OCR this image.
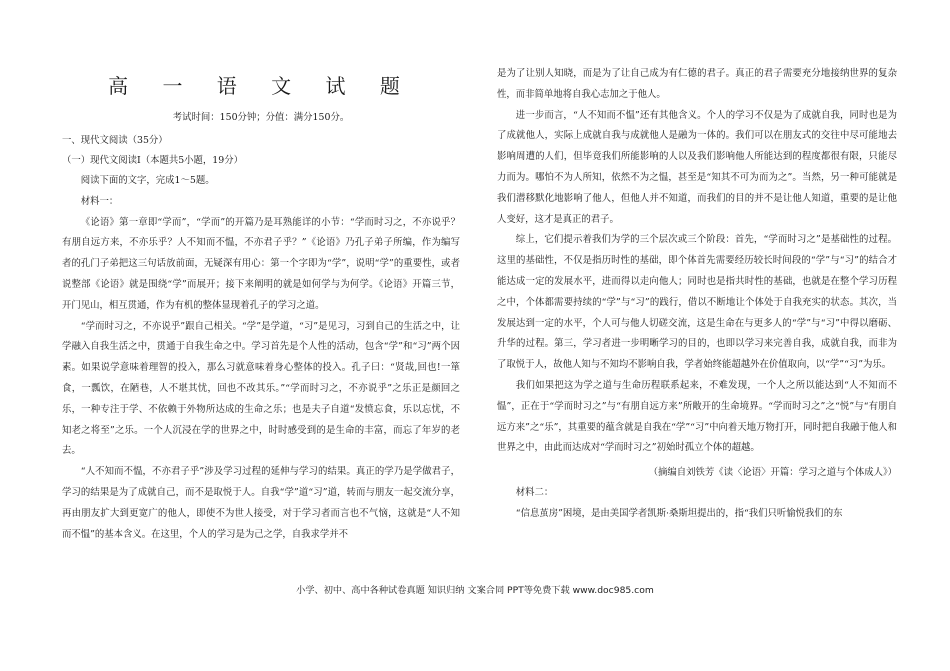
高 一 语 文 试 题
考试时间：150分钟；分值：满分150分。
一、现代文阅读（35分）
（一）现代文阅读Ⅰ（本题共5小题，19分）

阅读下面的文字，完成1～5题。

材料一：

《论语》第一章即“学而”，“学而”的开篇乃是耳熟能详的小节：“学而时习之，不亦说乎？有朋自远方来，不亦乐乎？人不知而不愠，不亦君子乎？”《论语》乃孔子弟子所编，作为编写者的孔门子弟把这三句话放前面，无疑深有用心：第一个字即为“学”，说明“学”的重要性，或者说整部《论语》就是围绕“学”而展开；接下来阐明的就是如何学与为何学。《论语》开篇三节，开门见山，相互贯通，作为有机的整体显现着孔子的学习之道。

“学而时习之，不亦说乎”跟自己相关。“学”是学道，“习”是见习，习到自己的生活之中，让学融入自我生活之中，贯通于自我生命之中。学习首先是个人性的活动，包含“学”和“习”两个因素。如果说学意味着理智的投入，那么习就意味着身心整体的投入。孔子曰：“贤哉,回也!一箪食，一瓢饮，在陋巷，人不堪其忧，回也不改其乐。”“学而时习之，不亦说乎”之乐正是颜回之乐，一种专注于学、不依赖于外物所达成的生命之乐；也是夫子自道“发愤忘食，乐以忘忧，不知老之将至”之乐。一个人沉浸在学的世界之中，时时感受到的是生命的丰富，而忘了年岁的老去。

“人不知而不愠，不亦君子乎”涉及学习过程的延伸与学习的结果。真正的学乃是学做君子，学习的结果是为了成就自己，而不是取悦于人。自我“学”道“习”道，转而与朋友一起交流分享，再由朋友扩大到更宽广的他人，即使不为世人接受，对于学习者而言也不气恼，这就是“人不知而不愠”的基本含义。在这里，个人的学习是为己之学，自我求学并不

是为了让别人知晓，而是为了让自己成为有仁德的君子。真正的君子需要充分地接纳世界的复杂性，而非简单地将自我心志加之于他人。

进一步而言，“人不知而不愠”还有其他含义。个人的学习不仅是为了成就自我，同时也是为了成就他人，实际上成就自我与成就他人是融为一体的。我们可以在朋友式的交往中尽可能地去影响周遭的人们，但毕竟我们所能影响的人以及我们影响他人所能达到的程度都很有限，只能尽力而为。哪怕不为人所知，依然不为之愠，甚至是“知其不可为而为之”。当然，另一种可能就是我们潜移默化地影响了他人，但他人并不知道，而我们的目的并不是让他人知道，重要的是让他人变好，这才是真正的君子。

综上，它们提示着我们为学的三个层次或三个阶段：首先，“学而时习之”是基础性的过程。这里的基础性，不仅是指历时性的基础，即个体首先需要经历较长时间段的“学”与“习”的结合才能达成一定的发展水平，进而得以走向他人；同时也是指共时性的基础，也就是在整个学习历程之中，个体都需要持续的“学”与“习”的践行，借以不断地让个体处于自我充实的状态。其次，当发展达到一定的水平，个人可与他人切磋交流，这是生命在与更多人的“学”与“习”中得以磨砺、升华的过程。第三，学习者进一步明晰学习的目的，也即以学习来完善自我，成就自我，而非为了取悦于人，故他人知与不知均不影响自我，学者始终能超越外在价值取向，以“学”“习”为乐。

我们如果把这为学之道与生命历程联系起来，不难发现，一个人之所以能达到“人不知而不愠”，正在于“学而时习之”与“有朋自远方来”所敞开的生命境界。“学而时习之”之“悦”与“有朋自远方来”之“乐”，其重要的蕴含就是自我在“学”“习”中向着天地万物打开，同时把自我融于他人和世界之中，由此而达成对“学而时习之”初始时孤立个体的超越。

（摘编自刘铁芳《读〈论语〉开篇：学习之道与个体成人》）

材料二：

“信息茧房”困境，是由美国学者凯斯·桑斯坦提出的，指“我们只听愉悦我们的东

小学、初中、高中各种试卷真题 知识归纳 文案合同 PPT等免费下载 www.doc985.com
